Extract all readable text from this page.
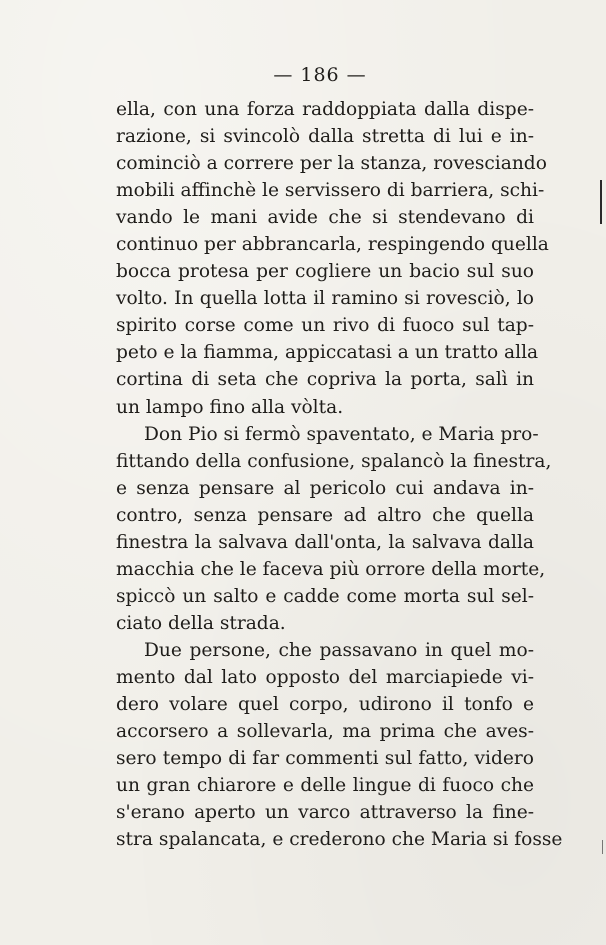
— 186 —
ella, con una forza raddoppiata dalla dispe-
razione, si svincolò dalla stretta di lui e in-
cominciò a correre per la stanza, rovesciando
mobili affinchè le servissero di barriera, schi-
vando le mani avide che si stendevano di
continuo per abbrancarla, respingendo quella
bocca protesa per cogliere un bacio sul suo
volto. In quella lotta il ramino si rovesciò, lo
spirito corse come un rivo di fuoco sul tap-
peto e la fiamma, appiccatasi a un tratto alla
cortina di seta che copriva la porta, salì in
un lampo fino alla vòlta.
Don Pio si fermò spaventato, e Maria pro-
fittando della confusione, spalancò la finestra,
e senza pensare al pericolo cui andava in-
contro, senza pensare ad altro che quella
finestra la salvava dall'onta, la salvava dalla
macchia che le faceva più orrore della morte,
spiccò un salto e cadde come morta sul sel-
ciato della strada.
Due persone, che passavano in quel mo-
mento dal lato opposto del marciapiede vi-
dero volare quel corpo, udirono il tonfo e
accorsero a sollevarla, ma prima che aves-
sero tempo di far commenti sul fatto, videro
un gran chiarore e delle lingue di fuoco che
s'erano aperto un varco attraverso la fine-
stra spalancata, e crederono che Maria si fosse
